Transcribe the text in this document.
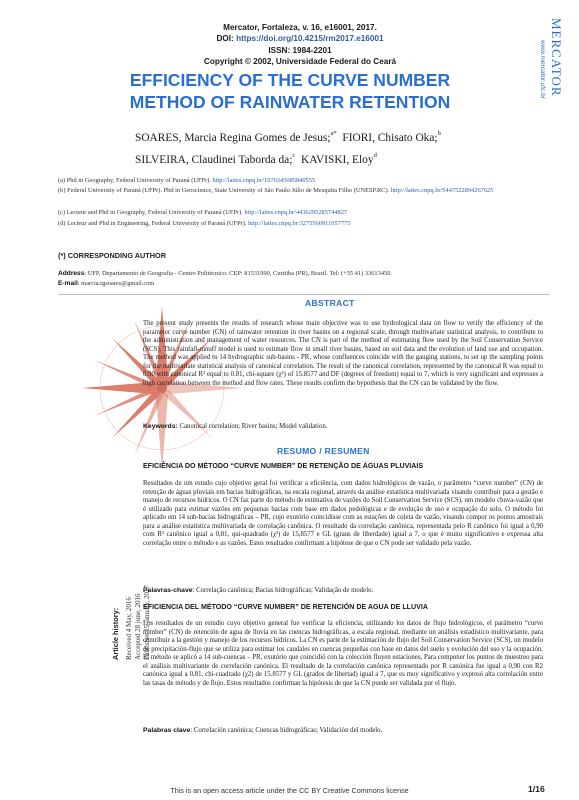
Mercator, Fortaleza, v. 16, e16001, 2017.
DOI: https://doi.org/10.4215/rm2017.e16001
ISSN: 1984-2201
Copyright © 2002, Universidade Federal do Ceará	MERCATOR
www.mercator.ufc.br
EFFICIENCY OF THE CURVE NUMBER
METHOD OF RAINWATER RETENTION
SOARES, Marcia Regina Gomes de Jesus;$^{a*}$ FIORI, Chisato Oka;$^b$
SILVEIRA, Claudinei Taborda da;$^c$ KAVISKI, Eloy$^d$
(a) Phd in Geography, Federal University of Paraná (UFPr). http://lattes.cnpq.br/1076345085840555
(b) Federal University of Paraná (UFPr). Phd in Geoscience, State University of São Paulo Júlio de Mesquita Filho (UNESP.RC). http://lattes.cnpq.br/5447522894267625
(c) Lecteur and Phd in Geography, Federal University of Paraná (UFPr). http://lattes.cnpq.br/4436295285744827
(d) Lecteur and Phd in Engineering, Federal University of Paraná (UFPr). http://lattes.cnpq.br/3275560911057775
(*) CORRESPONDING AUTHOR
Address: UFP, Departamento de Geografia - Centro Politécnico. CEP: 81531990, Curitiba (PR), Brazil. Tel: (+55 41) 33613450.
E-mail: marcia.rgsoares@gmail.com
ABSTRACT
The present study presents the results of research whose main objective was to use hydrological data on flow to verify the efficiency of the parameter curve number (CN) of rainwater retention in river basins on a regional scale, through multivariate statistical analysis, to contribute to the administration and management of water resources. The CN is part of the method of estimating flow used by the Soil Conservation Service (SCS). This rainfall-runoff model is used to estimate flow in small river basins, based on soil data and the evolution of land use and occupation. The method was applied to 14 hydrographic sub-basins - PR, whose confluences coincide with the gauging stations, to set up the sampling points for the multivariate statistical analysis of canonical correlation. The result of the canonical correlation, represented by the canonical R was equal to 0.90 with canonical R² equal to 0.81, chi-square (χ²) of 15.8577 and DF (degrees of freedom) equal to 7, which is very significant and expresses a high correlation between the method and flow rates. These results confirm the hypothesis that the CN can be validated by the flow.
Keywords: Canonical correlation; River basins; Model validation.
RESUMO / RESUMEN
EFICIÊNCIA DO MÉTODO “CURVE NUMBER” DE RETENÇÃO DE ÁGUAS PLUVIAIS
Resultados de um estudo cujo objetivo geral foi verificar a eficiência, com dados hidrológicos de vazão, o parâmetro “curve number” (CN) de retenção de águas pluviais em bacias hidrográficas, na escala regional, através da análise estatística multivariada visando contribuir para a gestão e manejo de recursos hídricos. O CN faz parte do método de estimativa de vazões do Soil Conservation Service (SCS), um modelo chuva-vazão que é utilizado para estimar vazões em pequenas bacias com base em dados pedológicas e de evolução de uso e ocupação do solo. O método foi aplicado em 14 sub-bacias hidrográficas – PR, cujo exutório coincidisse com as estações de coleta de vazão, visando compor os pontos amostrais para a análise estatística multivariada de correlação canônica. O resultado da correlação canônica, representada pelo R canônico foi igual a 0,90 com R² canônico igual a 0,81, qui-quadrado (χ²) de 15,8577 e GL (graus de liberdade) igual a 7, o que é muito significativo e expressa alta correlação entre o método e as vazões. Estes resultados confirmam a hipótese de que o CN pode ser validado pela vazão.
Palavras-chave: Correlação canônica; Bacias hidrográficas; Validação de modelo.
EFICIENCIA DEL MÉTODO “CURVE NUMBER” DE RETENCIÓN DE AGUA DE LLUVIA
Los resultados de un estudio cuyo objetivo general fue verificar la eficiencia, utilizando los datos de flujo hidrológicos, el parámetro “curve number” (CN) de retención de agua de lluvia en las cuencas hidrográficas, a escala regional, mediante un análisis estadístico multivariante, para contribuir a la gestión y manejo de los recursos hídricos. La CN es parte de la estimación de flujo del Soil Conservation Service (SCS), un modelo de precipitación-flujo que se utiliza para estimar los caudales en cuencas pequeñas con base en datos del suelo y evolución del uso y la ocupación. El método se aplicó a 14 sub-cuencas – PR, exutório que coincidió con la colección fluyen estaciones, Para componer los puntos de muestreo para el análisis multivariante de correlación canónica. El resultado de la correlación canónica representado por R canónica fue igual a 0,90 con R2 canónica igual a 0,81, chi-cuadrado (χ2) de 15.8577 y GL (grados de libertad) igual a 7, que es muy significativo y expresó alta correlación entre las tasas de método y de flujo. Estos resultados confirman la hipótesis de que la CN puede ser validada por el flujo.
Palabras clave: Correlación canónica; Cuencas hidrográficas; Validación del modelo.
Article history: Received 4 May, 2016 Accepted 28 june, 2016 Publisher 15 january, 2017
This is an open access article under the CC BY Creative Commons license	1/16
